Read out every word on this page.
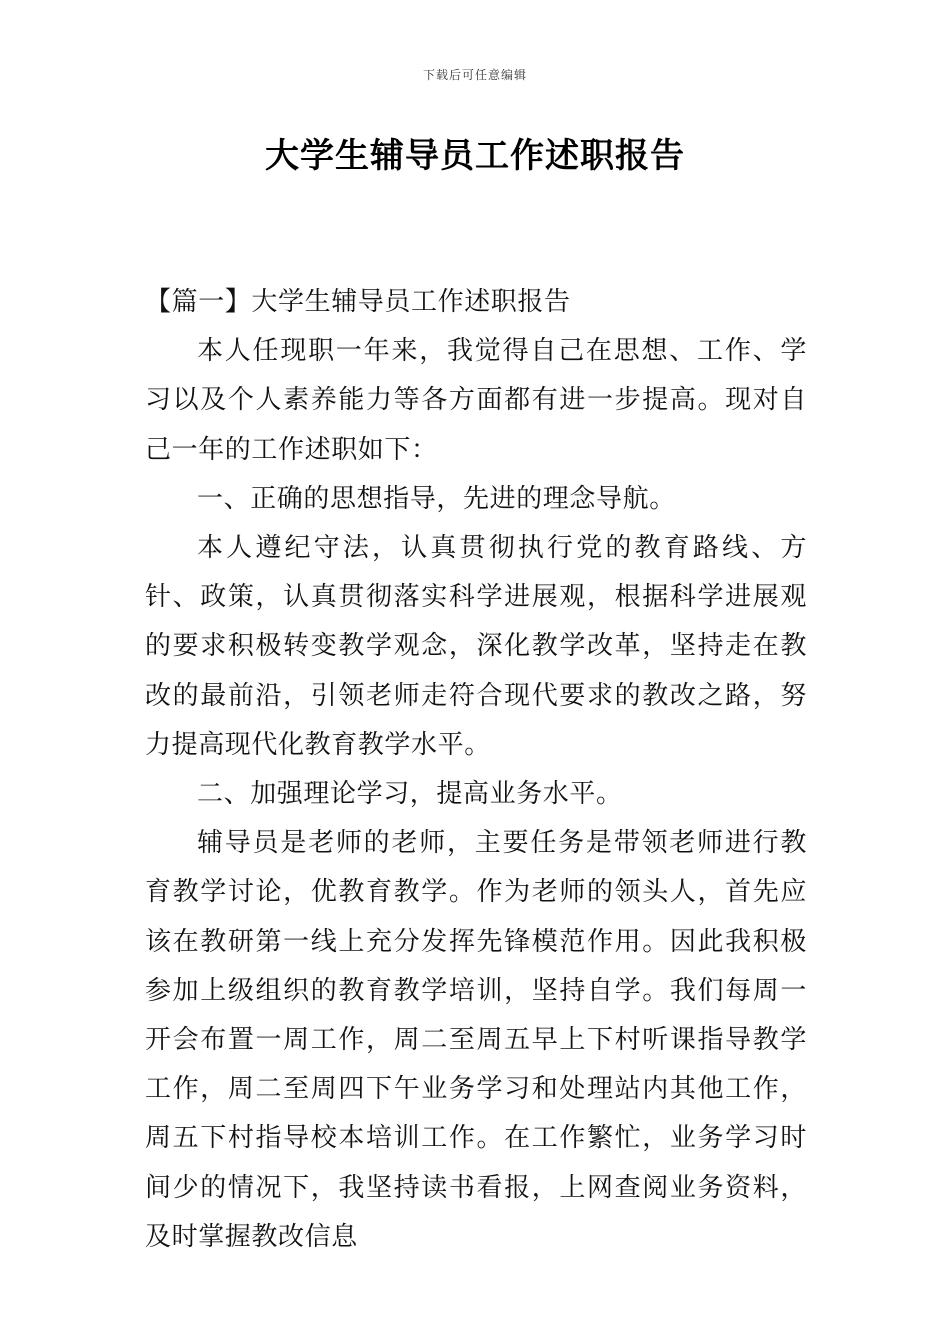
下载后可任意编辑
大学生辅导员工作述职报告

【篇一】大学生辅导员工作述职报告

本人任现职一年来，我觉得自己在思想、工作、学习以及个人素养能力等各方面都有进一步提高。现对自己一年的工作述职如下：

一、正确的思想指导，先进的理念导航。

本人遵纪守法，认真贯彻执行党的教育路线、方针、政策，认真贯彻落实科学进展观，根据科学进展观的要求积极转变教学观念，深化教学改革，坚持走在教改的最前沿，引领老师走符合现代要求的教改之路，努力提高现代化教育教学水平。

二、加强理论学习，提高业务水平。

辅导员是老师的老师，主要任务是带领老师进行教育教学讨论，优教育教学。作为老师的领头人，首先应该在教研第一线上充分发挥先锋模范作用。因此我积极参加上级组织的教育教学培训，坚持自学。我们每周一开会布置一周工作，周二至周五早上下村听课指导教学工作，周二至周四下午业务学习和处理站内其他工作，周五下村指导校本培训工作。在工作繁忙，业务学习时间少的情况下，我坚持读书看报，上网查阅业务资料，及时掌握教改信息
